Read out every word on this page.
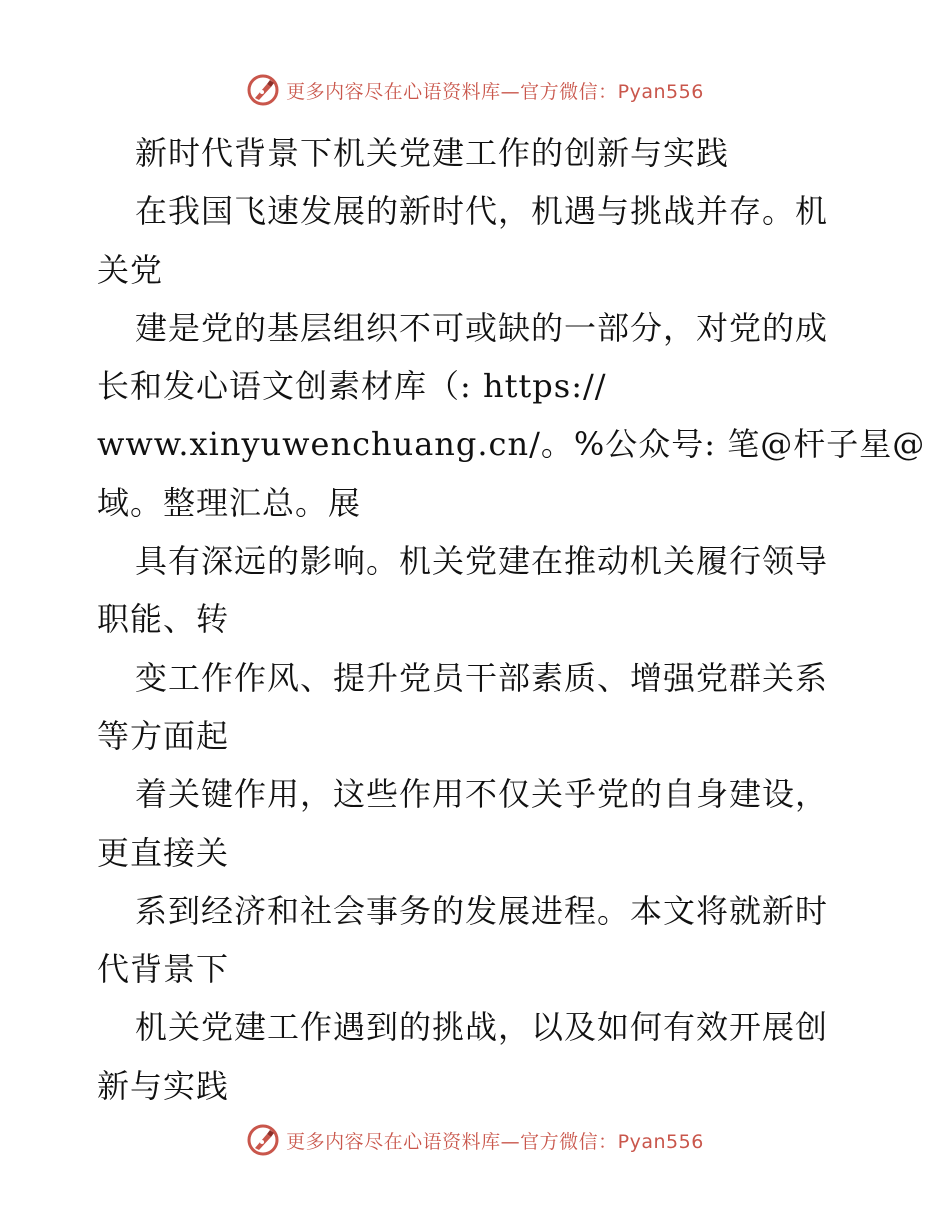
更多内容尽在心语资料库—官方微信：Pyan556
新时代背景下机关党建工作的创新与实践
在我国飞速发展的新时代，机遇与挑战并存。机
关党
建是党的基层组织不可或缺的一部分，对党的成
长和发心语文创素材库（: https://
www.xinyuwenchuang.cn/。%公众号: 笔@杆子星@
域。整理汇总。展
具有深远的影响。机关党建在推动机关履行领导
职能、转
变工作作风、提升党员干部素质、增强党群关系
等方面起
着关键作用，这些作用不仅关乎党的自身建设，
更直接关
系到经济和社会事务的发展进程。本文将就新时
代背景下
机关党建工作遇到的挑战，以及如何有效开展创
新与实践
更多内容尽在心语资料库—官方微信：Pyan556
